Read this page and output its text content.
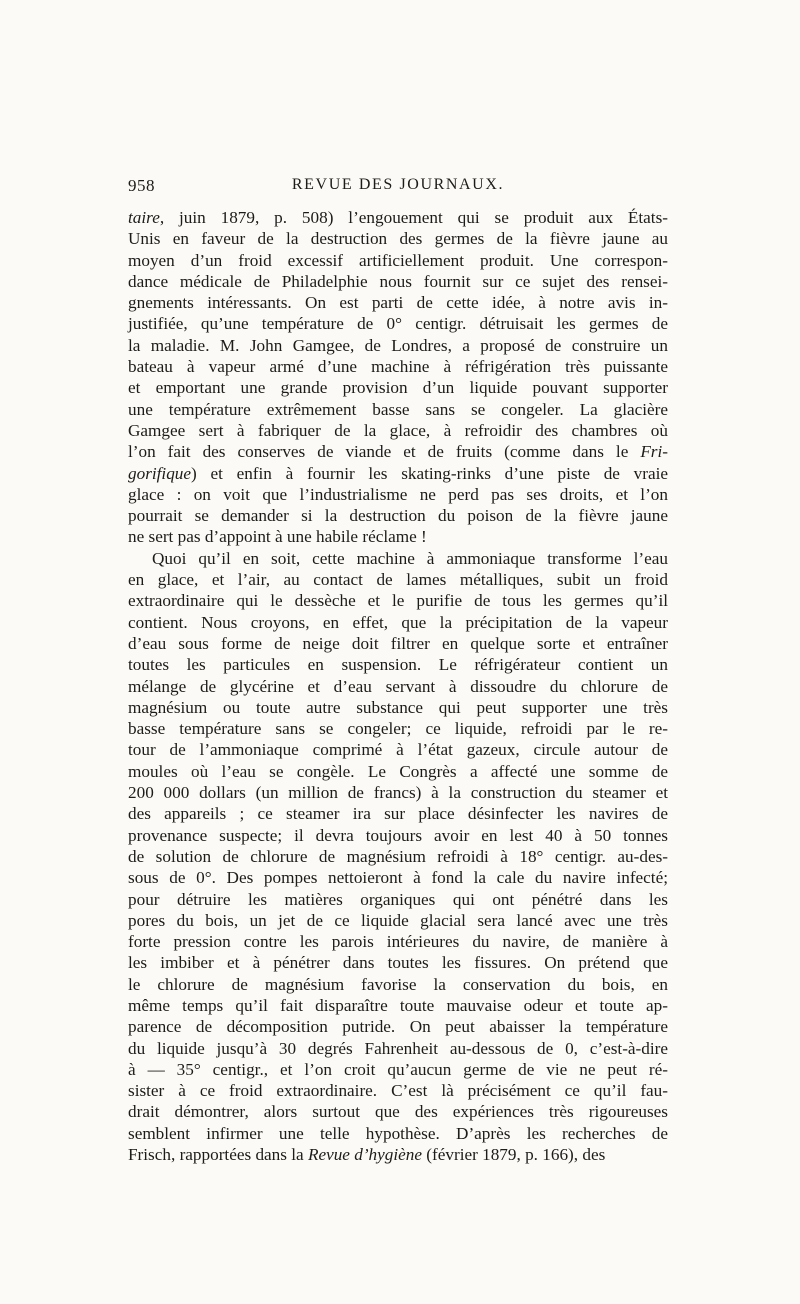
958	REVUE DES JOURNAUX.
taire, juin 1879, p. 508) l’engouement qui se produit aux États-
Unis en faveur de la destruction des germes de la fièvre jaune au
moyen d’un froid excessif artificiellement produit. Une correspon-
dance médicale de Philadelphie nous fournit sur ce sujet des rensei-
gnements intéressants. On est parti de cette idée, à notre avis in-
justifiée, qu’une température de 0° centigr. détruisait les germes de
la maladie. M. John Gamgee, de Londres, a proposé de construire un
bateau à vapeur armé d’une machine à réfrigération très puissante
et emportant une grande provision d’un liquide pouvant supporter
une température extrêmement basse sans se congeler. La glacière
Gamgee sert à fabriquer de la glace, à refroidir des chambres où
l’on fait des conserves de viande et de fruits (comme dans le Fri-
gorifique) et enfin à fournir les skating-rinks d’une piste de vraie
glace : on voit que l’industrialisme ne perd pas ses droits, et l’on
pourrait se demander si la destruction du poison de la fièvre jaune
ne sert pas d’appoint à une habile réclame !
Quoi qu’il en soit, cette machine à ammoniaque transforme l’eau
en glace, et l’air, au contact de lames métalliques, subit un froid
extraordinaire qui le dessèche et le purifie de tous les germes qu’il
contient. Nous croyons, en effet, que la précipitation de la vapeur
d’eau sous forme de neige doit filtrer en quelque sorte et entraîner
toutes les particules en suspension. Le réfrigérateur contient un
mélange de glycérine et d’eau servant à dissoudre du chlorure de
magnésium ou toute autre substance qui peut supporter une très
basse température sans se congeler; ce liquide, refroidi par le re-
tour de l’ammoniaque comprimé à l’état gazeux, circule autour de
moules où l’eau se congèle. Le Congrès a affecté une somme de
200 000 dollars (un million de francs) à la construction du steamer et
des appareils ; ce steamer ira sur place désinfecter les navires de
provenance suspecte; il devra toujours avoir en lest 40 à 50 tonnes
de solution de chlorure de magnésium refroidi à 18° centigr. au-des-
sous de 0°. Des pompes nettoieront à fond la cale du navire infecté;
pour détruire les matières organiques qui ont pénétré dans les
pores du bois, un jet de ce liquide glacial sera lancé avec une très
forte pression contre les parois intérieures du navire, de manière à
les imbiber et à pénétrer dans toutes les fissures. On prétend que
le chlorure de magnésium favorise la conservation du bois, en
même temps qu’il fait disparaître toute mauvaise odeur et toute ap-
parence de décomposition putride. On peut abaisser la température
du liquide jusqu’à 30 degrés Fahrenheit au-dessous de 0, c’est-à-dire
à — 35° centigr., et l’on croit qu’aucun germe de vie ne peut ré-
sister à ce froid extraordinaire. C’est là précisément ce qu’il fau-
drait démontrer, alors surtout que des expériences très rigoureuses
semblent infirmer une telle hypothèse. D’après les recherches de
Frisch, rapportées dans la Revue d’hygiène (février 1879, p. 166), des
